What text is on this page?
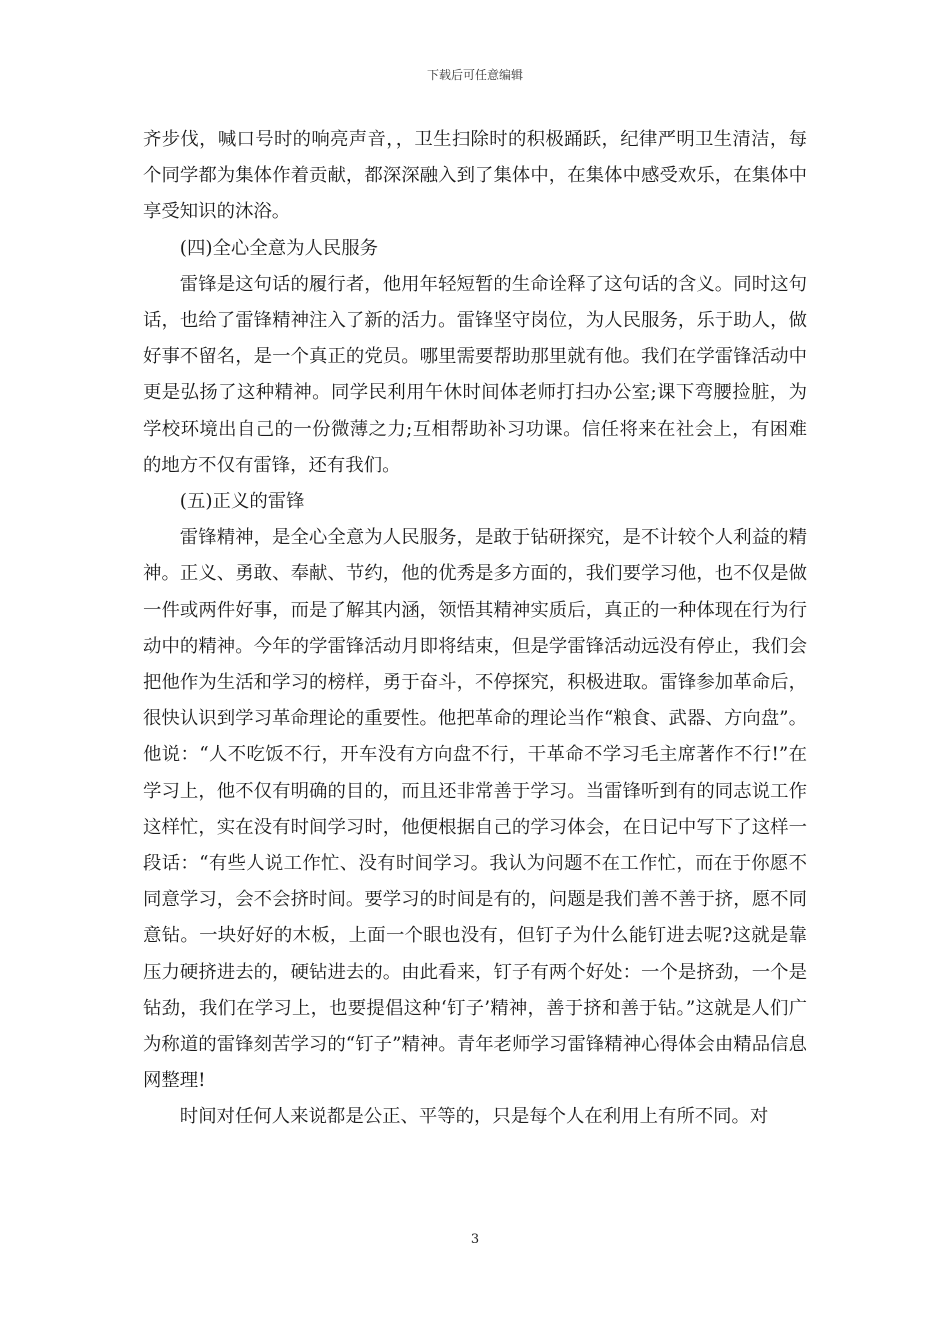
下载后可任意编辑

齐步伐，喊口号时的响亮声音，，卫生扫除时的积极踊跃，纪律严明卫生清洁，每个同学都为集体作着贡献，都深深融入到了集体中，在集体中感受欢乐，在集体中享受知识的沐浴。

(四)全心全意为人民服务

雷锋是这句话的履行者，他用年轻短暂的生命诠释了这句话的含义。同时这句话，也给了雷锋精神注入了新的活力。雷锋坚守岗位，为人民服务，乐于助人，做好事不留名，是一个真正的党员。哪里需要帮助那里就有他。我们在学雷锋活动中更是弘扬了这种精神。同学民利用午休时间体老师打扫办公室;课下弯腰捡脏，为学校环境出自己的一份微薄之力;互相帮助补习功课。信任将来在社会上，有困难的地方不仅有雷锋，还有我们。

(五)正义的雷锋

雷锋精神，是全心全意为人民服务，是敢于钻研探究，是不计较个人利益的精神。正义、勇敢、奉献、节约，他的优秀是多方面的，我们要学习他，也不仅是做一件或两件好事，而是了解其内涵，领悟其精神实质后，真正的一种体现在行为行动中的精神。今年的学雷锋活动月即将结束，但是学雷锋活动远没有停止，我们会把他作为生活和学习的榜样，勇于奋斗，不停探究，积极进取。雷锋参加革命后，很快认识到学习革命理论的重要性。他把革命的理论当作“粮食、武器、方向盘”。他说：“人不吃饭不行，开车没有方向盘不行，干革命不学习毛主席著作不行!”在学习上，他不仅有明确的目的，而且还非常善于学习。当雷锋听到有的同志说工作这样忙，实在没有时间学习时，他便根据自己的学习体会，在日记中写下了这样一段话：“有些人说工作忙、没有时间学习。我认为问题不在工作忙，而在于你愿不同意学习，会不会挤时间。要学习的时间是有的，问题是我们善不善于挤，愿不同意钻。一块好好的木板，上面一个眼也没有，但钉子为什么能钉进去呢?这就是靠压力硬挤进去的，硬钻进去的。由此看来，钉子有两个好处：一个是挤劲，一个是钻劲，我们在学习上，也要提倡这种‘钉子’精神，善于挤和善于钻。”这就是人们广为称道的雷锋刻苦学习的“钉子”精神。青年老师学习雷锋精神心得体会由精品信息网整理!

时间对任何人来说都是公正、平等的，只是每个人在利用上有所不同。对

3
